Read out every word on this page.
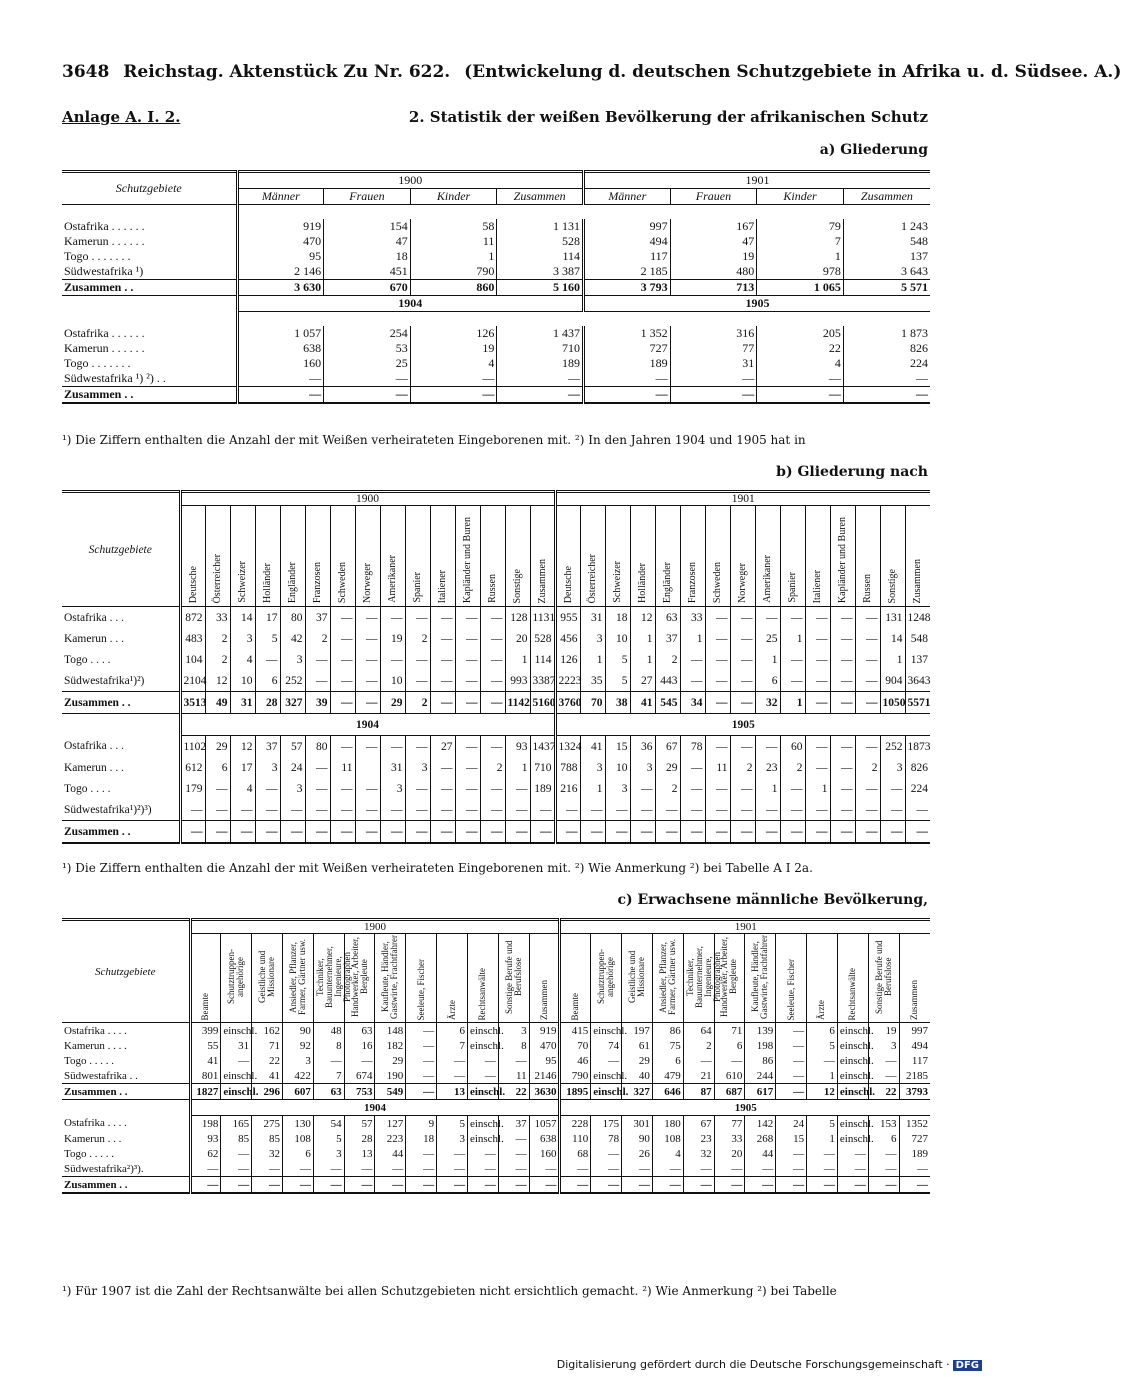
3648 Reichstag. Aktenstück Zu Nr. 622. (Entwickelung d. deutschen Schutzgebiete in Afrika u. d. Südsee. A.)
Anlage A. I. 2.	2. Statistik der weißen Bevölkerung der afrikanischen Schutz
a) Gliederung
Schutzgebiete	1900				1901			
	Männer	Frauen	Kinder	Zusammen	Männer	Frauen	Kinder	Zusammen

Ostafrika . . . . . .	919	154	58	1 131	997	167	79	1 243
Kamerun . . . . . .	470	47	11	528	494	47	7	548
Togo . . . . . . .	95	18	1	114	117	19	1	137
Südwestafrika ¹)	2 146	451	790	3 387	2 185	480	978	3 643
Zusammen . .	3 630	670	860	5 160	3 793	713	1 065	5 571
	1904				1905			

Ostafrika . . . . . .	1 057	254	126	1 437	1 352	316	205	1 873
Kamerun . . . . . .	638	53	19	710	727	77	22	826
Togo . . . . . . .	160	25	4	189	189	31	4	224
Südwestafrika ¹) ²) . .	—	—	—	—	—	—	—	—
Zusammen . .	—	—	—	—	—	—	—	—
¹) Die Ziffern enthalten die Anzahl der mit Weißen verheirateten Eingeborenen mit. ²) In den Jahren 1904 und 1905 hat in
b) Gliederung nach
Schutzgebiete	1900															1901														
	Deutsche	Österreicher	Schweizer	Holländer	Engländer	Franzosen	Schweden	Norweger	Amerikaner	Spanier	Italiener	Kapländer und Buren	Russen	Sonstige	Zusammen	Deutsche	Österreicher	Schweizer	Holländer	Engländer	Franzosen	Schweden	Norweger	Amerikaner	Spanier	Italiener	Kapländer und Buren	Russen	Sonstige	Zusammen
Ostafrika . . .	872	33	14	17	80	37	—	—	—	—	—	—	—	128	1131	955	31	18	12	63	33	—	—	—	—	—	—	—	131	1248
Kamerun . . .	483	2	3	5	42	2	—	—	19	2	—	—	—	20	528	456	3	10	1	37	1	—	—	25	1	—	—	—	14	548
Togo . . . .	104	2	4	—	3	—	—	—	—	—	—	—	—	1	114	126	1	5	1	2	—	—	—	1	—	—	—	—	1	137
Südwestafrika¹)²)	2104	12	10	6	252	—	—	—	10	—	—	—	—	993	3387	2223	35	5	27	443	—	—	—	6	—	—	—	—	904	3643
Zusammen . .	3513	49	31	28	327	39	—	—	29	2	—	—	—	1142	5160	3760	70	38	41	545	34	—	—	32	1	—	—	—	1050	5571
	1904															1905														
Ostafrika . . .	1102	29	12	37	57	80	—	—	—	—	27	—	—	93	1437	1324	41	15	36	67	78	—	—	—	60	—	—	—	252	1873
Kamerun . . .	612	6	17	3	24	—	11		31	3	—	—	2	1	710	788	3	10	3	29	—	11	2	23	2	—	—	2	3	826
Togo . . . .	179	—	4	—	3	—	—	—	3	—	—	—	—	—	189	216	1	3	—	2	—	—	—	1	—	1	—	—	—	224
Südwestafrika¹)²)³)	—	—	—	—	—	—	—	—	—	—	—	—	—	—	—	—	—	—	—	—	—	—	—	—	—	—	—	—	—	—
Zusammen . .	—	—	—	—	—	—	—	—	—	—	—	—	—	—	—	—	—	—	—	—	—	—	—	—	—	—	—	—	—	—
¹) Die Ziffern enthalten die Anzahl der mit Weißen verheirateten Eingeborenen mit. ²) Wie Anmerkung ²) bei Tabelle A I 2a.
c) Erwachsene männliche Bevölkerung,
Schutzgebiete	1900												1901											
	Beamte	Schutztruppen-angehörige	Geistliche und Missionare	Ansiedler, Pflanzer, Farmer, Gärtner usw.	Techniker, Bauunternehmer, Ingenieure, Photographen	Handwerker, Arbeiter, Bergleute	Kaufleute, Händler, Gastwirte, Frachtfahrer	Seeleute, Fischer	Ärzte	Rechtsanwälte	Sonstige Berufe und Berufslose	Zusammen	Beamte	Schutztruppen-angehörige	Geistliche und Missionare	Ansiedler, Pflanzer, Farmer, Gärtner usw.	Techniker, Bauunternehmer, Ingenieure, Photographen	Handwerker, Arbeiter, Bergleute	Kaufleute, Händler, Gastwirte, Frachtfahrer	Seeleute, Fischer	Ärzte	Rechtsanwälte	Sonstige Berufe und Berufslose	Zusammen
Ostafrika . . . .	399	einschl.	162	90	48	63	148	—	6	einschl.	3	919	415	einschl.	197	86	64	71	139	—	6	einschl.	19	997
Kamerun . . . .	55	31	71	92	8	16	182	—	7	einschl.	8	470	70	74	61	75	2	6	198	—	5	einschl.	3	494
Togo . . . . .	41	—	22	3	—	—	29	—	—	—	—	95	46	—	29	6	—	—	86	—	—	einschl.	—	117
Südwestafrika . .	801	einschl.	41	422	7	674	190	—	—	—	11	2146	790	einschl.	40	479	21	610	244	—	1	einschl.	—	2185
Zusammen . .	1827	einschl.	296	607	63	753	549	—	13	einschl.	22	3630	1895	einschl.	327	646	87	687	617	—	12	einschl.	22	3793
	1904												1905											
Ostafrika . . . .	198	165	275	130	54	57	127	9	5	einschl.	37	1057	228	175	301	180	67	77	142	24	5	einschl.	153	1352
Kamerun . . .	93	85	85	108	5	28	223	18	3	einschl.	—	638	110	78	90	108	23	33	268	15	1	einschl.	6	727
Togo . . . . .	62	—	32	6	3	13	44	—	—	—	—	160	68	—	26	4	32	20	44	—	—	—	—	189
Südwestafrika²)³).	—	—	—	—	—	—	—	—	—	—	—	—	—	—	—	—	—	—	—	—	—	—	—	—
Zusammen . .	—	—	—	—	—	—	—	—	—	—	—	—	—	—	—	—	—	—	—	—	—	—	—	—
¹) Für 1907 ist die Zahl der Rechtsanwälte bei allen Schutzgebieten nicht ersichtlich gemacht. ²) Wie Anmerkung ²) bei Tabelle
Digitalisierung gefördert durch die Deutsche Forschungsgemeinschaft · DFG
